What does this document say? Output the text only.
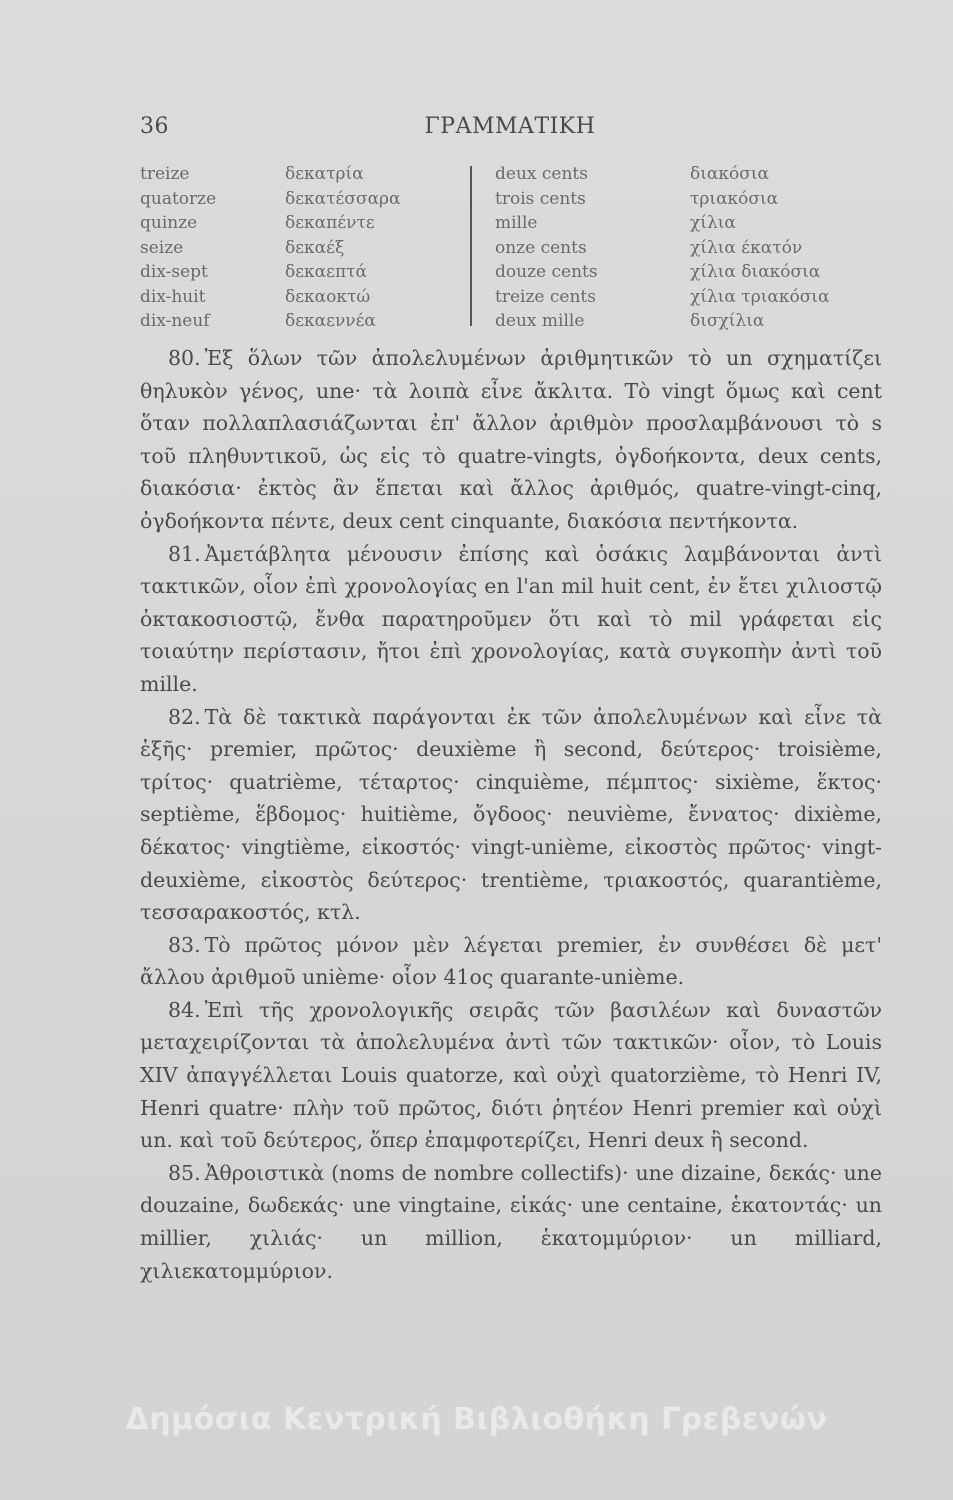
36	ΓΡΑΜΜΑΤΙΚΗ
treize
quatorze
quinze
seize
dix-sept
dix-huit
dix-neuf
δεκατρία
δεκατέσσαρα
δεκαπέντε
δεκαέξ
δεκαεπτά
δεκαοκτώ
δεκαεννέα
deux cents
trois cents
mille
onze cents
douze cents
treize cents
deux mille
διακόσια
τριακόσια
χίλια
χίλια έκατόν
χίλια διακόσια
χίλια τριακόσια
δισχίλια

80. Ἐξ ὅλων τῶν ἀπολελυμένων ἀριθμητικῶν τὸ un σχηματίζει θηλυκὸν γένος, une· τὰ λοιπὰ εἶνε ἄκλιτα. Τὸ vingt ὅμως καὶ cent ὅταν πολλαπλασιάζωνται ἐπ' ἄλλον ἀριθμὸν προσλαμβάνουσι τὸ s τοῦ πληθυντικοῦ, ὡς εἰς τὸ quatre-vingts, ὀγδοήκοντα, deux cents, διακόσια· ἐκτὸς ἂν ἕπεται καὶ ἄλλος ἀριθμός, quatre-vingt-cinq, ὀγδοήκοντα πέντε, deux cent cinquante, διακόσια πεντήκοντα.

81. Ἀμετάβλητα μένουσιν ἐπίσης καὶ ὁσάκις λαμβάνονται ἀντὶ τακτικῶν, οἷον ἐπὶ χρονολογίας en l'an mil huit cent, ἐν ἔτει χιλιοστῷ ὀκτακοσιοστῷ, ἔνθα παρατηροῦμεν ὅτι καὶ τὸ mil γράφεται εἰς τοιαύτην περίστασιν, ἤτοι ἐπὶ χρονολογίας, κατὰ συγκοπὴν ἀντὶ τοῦ mille.

82. Τὰ δὲ τακτικὰ παράγονται ἐκ τῶν ἀπολελυμένων καὶ εἶνε τὰ ἑξῆς· premier, πρῶτος· deuxième ἢ second, δεύτερος· troisième, τρίτος· quatrième, τέταρτος· cinquième, πέμπτος· sixième, ἕκτος· septième, ἕβδομος· huitième, ὄγδοος· neuvième, ἔννατος· dixième, δέκατος· vingtième, εἰκοστός· vingt-unième, εἰκοστὸς πρῶτος· vingt-deuxième, εἰκοστὸς δεύτερος· trentième, τριακοστός, quarantième, τεσσαρακοστός, κτλ.

83. Τὸ πρῶτος μόνον μὲν λέγεται premier, ἐν συνθέσει δὲ μετ' ἄλλου ἀριθμοῦ unième· οἷον 41ος quarante-unième.

84. Ἐπὶ τῆς χρονολογικῆς σειρᾶς τῶν βασιλέων καὶ δυναστῶν μεταχειρίζονται τὰ ἀπολελυμένα ἀντὶ τῶν τακτικῶν· οἷον, τὸ Louis XIV ἀπαγγέλλεται Louis quatorze, καὶ οὐχὶ quatorzième, τὸ Henri IV, Henri quatre· πλὴν τοῦ πρῶτος, διότι ῥητέον Henri premier καὶ οὐχὶ un. καὶ τοῦ δεύτερος, ὅπερ ἐπαμφοτερίζει, Henri deux ἢ second.

85. Ἀθροιστικὰ (noms de nombre collectifs)· une dizaine, δεκάς· une douzaine, δωδεκάς· une vingtaine, εἰκάς· une centaine, ἑκατοντάς· un millier, χιλιάς· un million, ἑκατομμύριον· un milliard, χιλιεκατομμύριον.

Δημόσια Κεντρική Βιβλιοθήκη Γρεβενών
